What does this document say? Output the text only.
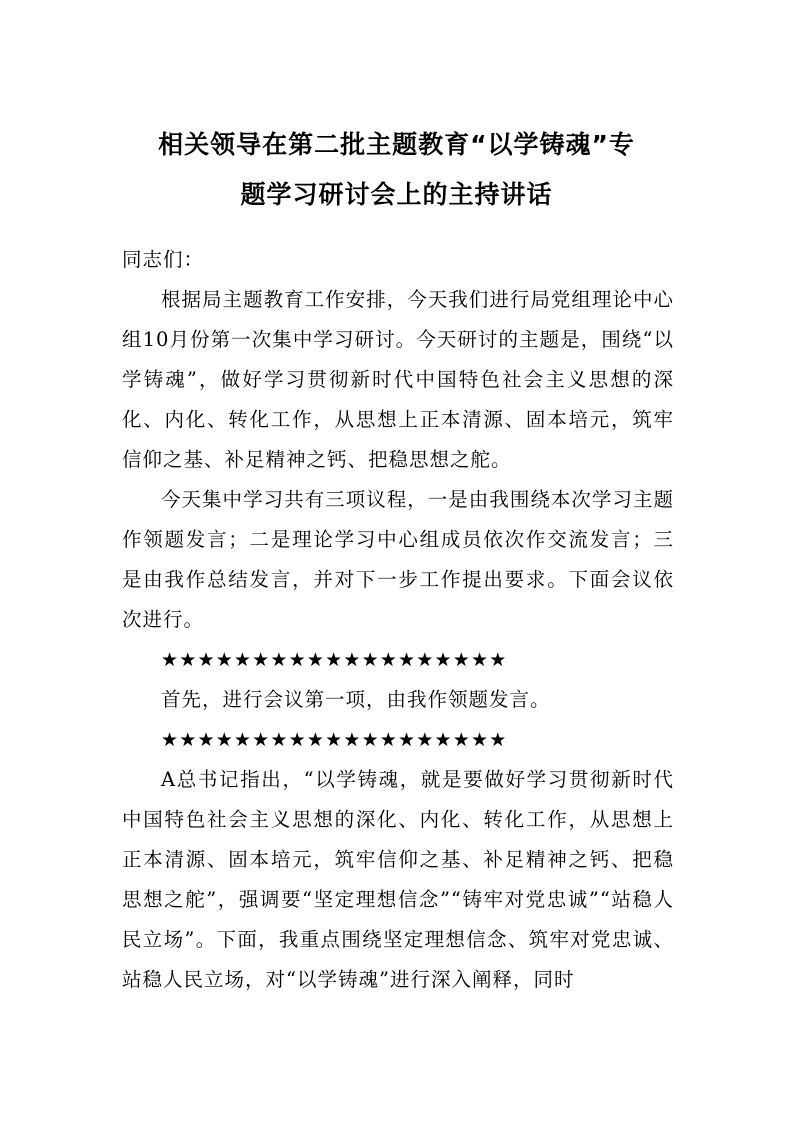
相关领导在第二批主题教育“以学铸魂”专
题学习研讨会上的主持讲话
同志们：
根据局主题教育工作安排，今天我们进行局党组理论中心组10月份第一次集中学习研讨。今天研讨的主题是，围绕“以学铸魂”，做好学习贯彻新时代中国特色社会主义思想的深化、内化、转化工作，从思想上正本清源、固本培元，筑牢信仰之基、补足精神之钙、把稳思想之舵。
今天集中学习共有三项议程，一是由我围绕本次学习主题作领题发言；二是理论学习中心组成员依次作交流发言；三是由我作总结发言，并对下一步工作提出要求。下面会议依次进行。
★★★★★★★★★★★★★★★★★★★
首先，进行会议第一项，由我作领题发言。
★★★★★★★★★★★★★★★★★★★
A总书记指出，“以学铸魂，就是要做好学习贯彻新时代中国特色社会主义思想的深化、内化、转化工作，从思想上正本清源、固本培元，筑牢信仰之基、补足精神之钙、把稳思想之舵”，强调要“坚定理想信念”“铸牢对党忠诚”“站稳人民立场”。下面，我重点围绕坚定理想信念、筑牢对党忠诚、站稳人民立场，对“以学铸魂”进行深入阐释，同时
